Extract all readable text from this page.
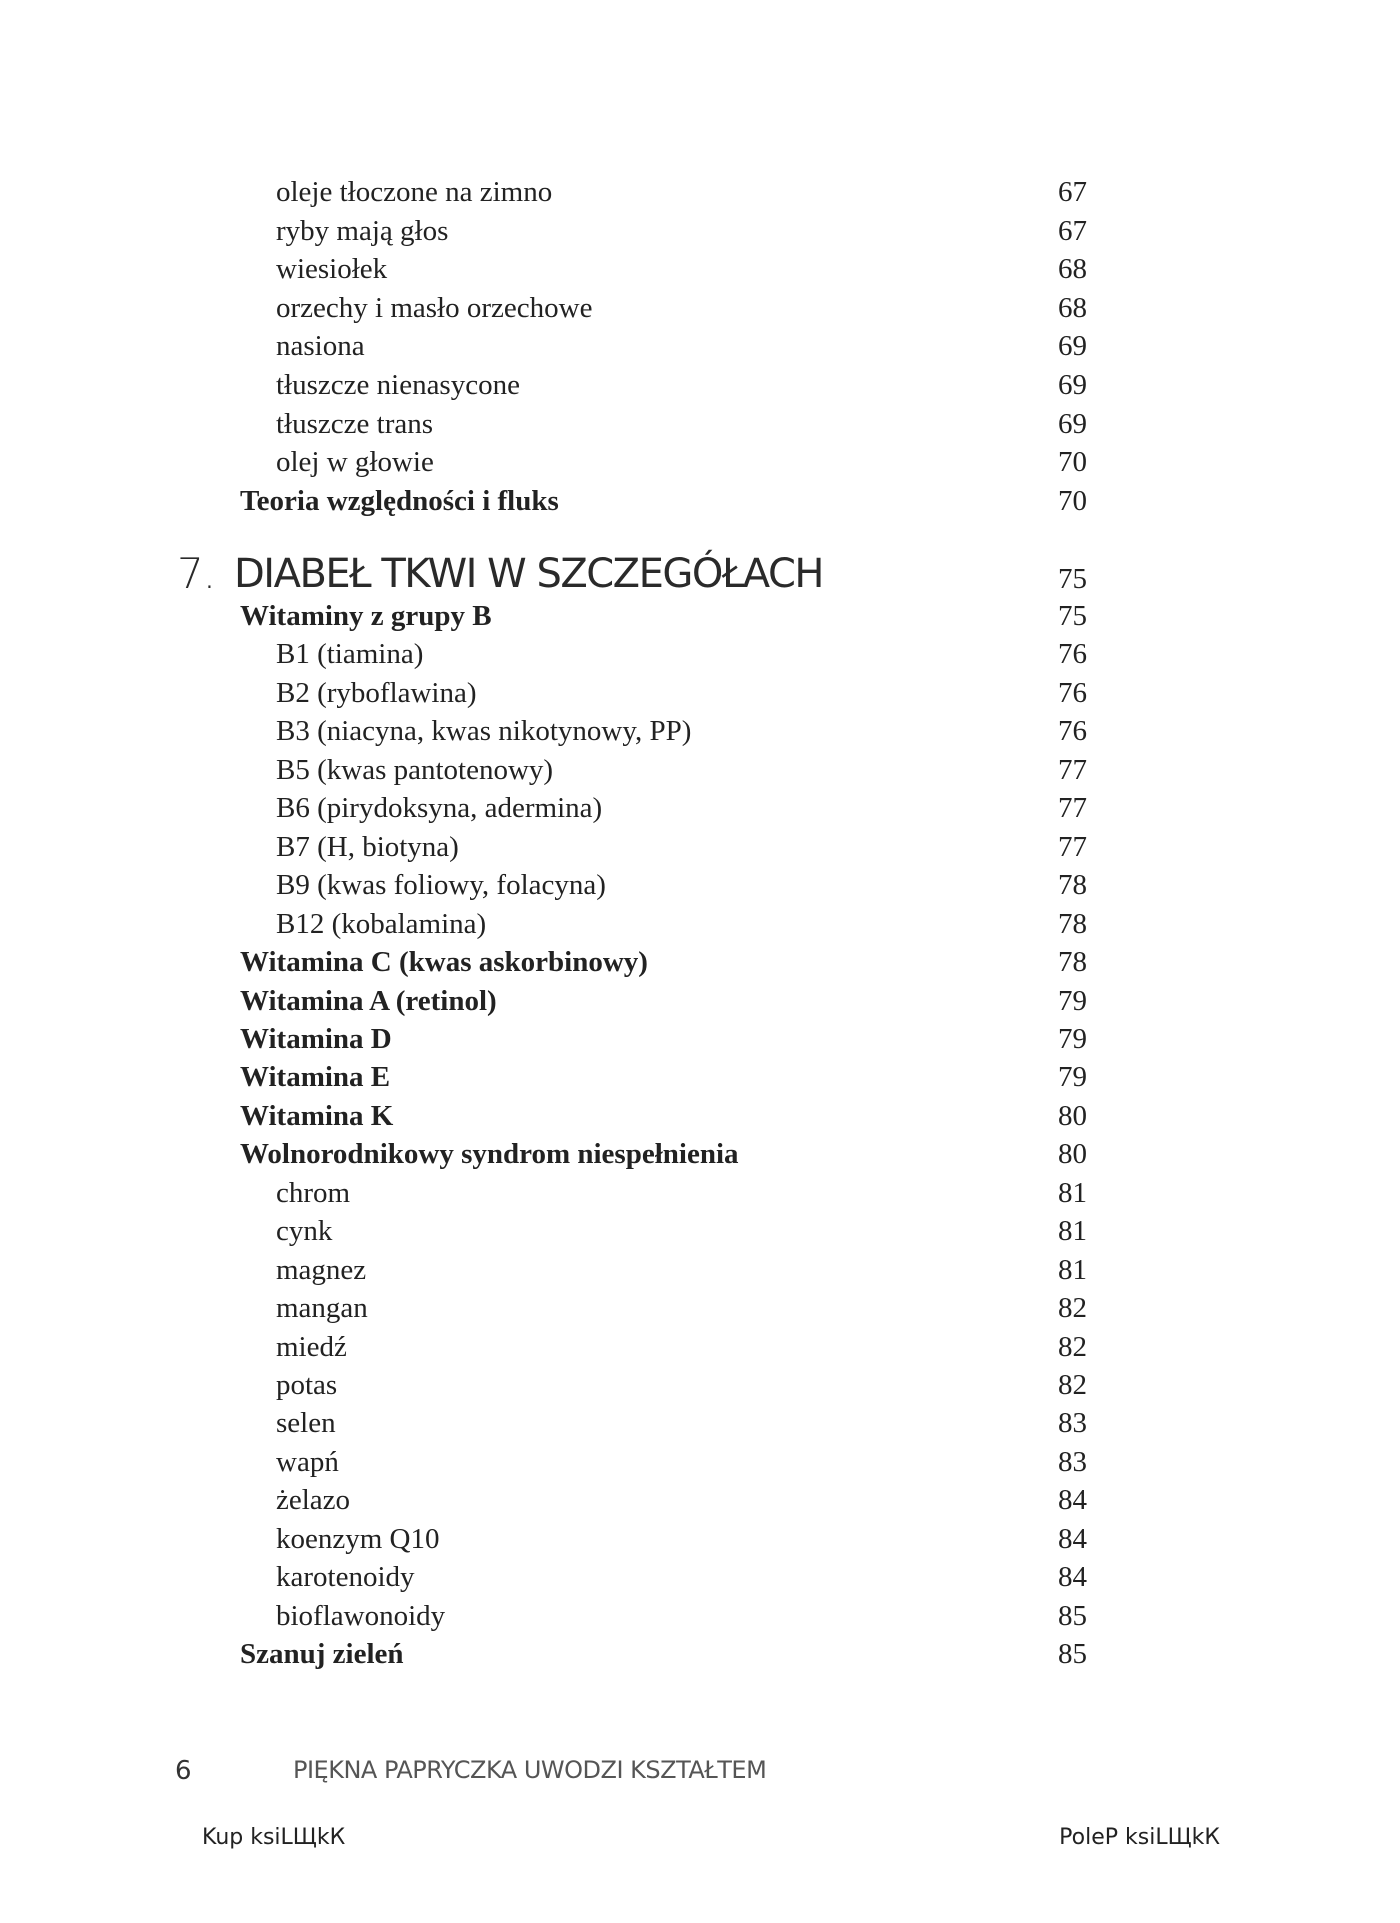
oleje tłoczone na zimno	67
ryby mają głos	67
wiesiołek	68
orzechy i masło orzechowe	68
nasiona	69
tłuszcze nienasycone	69
tłuszcze trans	69
olej w głowie	70
Teoria względności i fluks	70
7. DIABEŁ TKWI W SZCZEGÓŁACH	75
Witaminy z grupy B	75
B1 (tiamina)	76
B2 (ryboflawina)	76
B3 (niacyna, kwas nikotynowy, PP)	76
B5 (kwas pantotenowy)	77
B6 (pirydoksyna, adermina)	77
B7 (H, biotyna)	77
B9 (kwas foliowy, folacyna)	78
B12 (kobalamina)	78
Witamina C (kwas askorbinowy)	78
Witamina A (retinol)	79
Witamina D	79
Witamina E	79
Witamina K	80
Wolnorodnikowy syndrom niespełnienia	80
chrom	81
cynk	81
magnez	81
mangan	82
miedź	82
potas	82
selen	83
wapń	83
żelazo	84
koenzym Q10	84
karotenoidy	84
bioflawonoidy	85
Szanuj zieleń	85
6	PIĘKNA PAPRYCZKA UWODZI KSZTAŁTEM
Kup ksiLЩkК	PoleP ksiLЩkК
